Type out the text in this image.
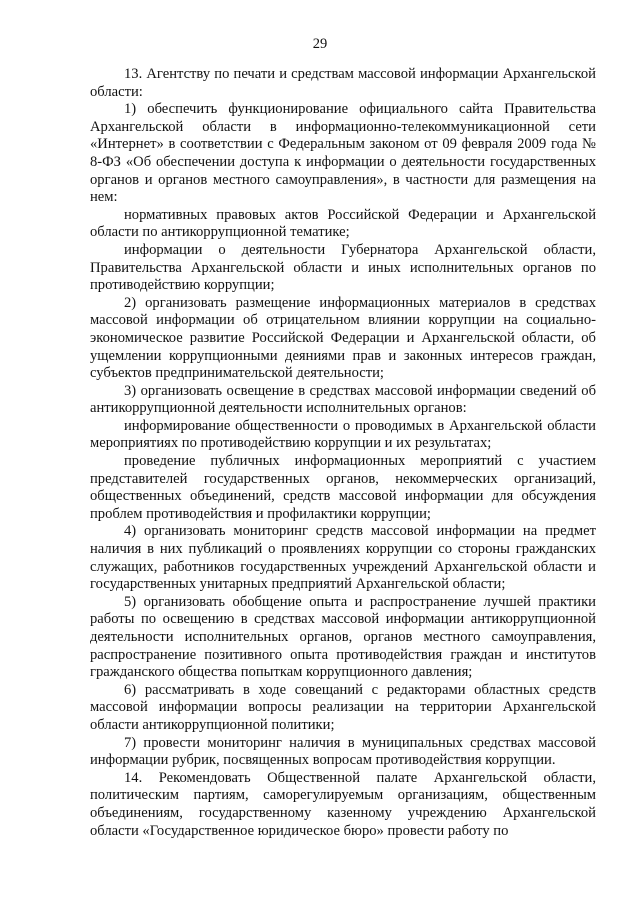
29

13. Агентству по печати и средствам массовой информации Архангельской области:

1) обеспечить функционирование официального сайта Правительства Архангельской области в информационно-телекоммуникационной сети «Интернет» в соответствии с Федеральным законом от 09 февраля 2009 года № 8-ФЗ «Об обеспечении доступа к информации о деятельности государственных органов и органов местного самоуправления», в частности для размещения на нем:

нормативных правовых актов Российской Федерации и Архангельской области по антикоррупционной тематике;

информации о деятельности Губернатора Архангельской области, Правительства Архангельской области и иных исполнительных органов по противодействию коррупции;

2) организовать размещение информационных материалов в средствах массовой информации об отрицательном влиянии коррупции на социально-экономическое развитие Российской Федерации и Архангельской области, об ущемлении коррупционными деяниями прав и законных интересов граждан, субъектов предпринимательской деятельности;

3) организовать освещение в средствах массовой информации сведений об антикоррупционной деятельности исполнительных органов:

информирование общественности о проводимых в Архангельской области мероприятиях по противодействию коррупции и их результатах;

проведение публичных информационных мероприятий с участием представителей государственных органов, некоммерческих организаций, общественных объединений, средств массовой информации для обсуждения проблем противодействия и профилактики коррупции;

4) организовать мониторинг средств массовой информации на предмет наличия в них публикаций о проявлениях коррупции со стороны гражданских служащих, работников государственных учреждений Архангельской области и государственных унитарных предприятий Архангельской области;

5) организовать обобщение опыта и распространение лучшей практики работы по освещению в средствах массовой информации антикоррупционной деятельности исполнительных органов, органов местного самоуправления, распространение позитивного опыта противодействия граждан и институтов гражданского общества попыткам коррупционного давления;

6) рассматривать в ходе совещаний с редакторами областных средств массовой информации вопросы реализации на территории Архангельской области антикоррупционной политики;

7) провести мониторинг наличия в муниципальных средствах массовой информации рубрик, посвященных вопросам противодействия коррупции.

14. Рекомендовать Общественной палате Архангельской области, политическим партиям, саморегулируемым организациям, общественным объединениям, государственному казенному учреждению Архангельской области «Государственное юридическое бюро» провести работу по
